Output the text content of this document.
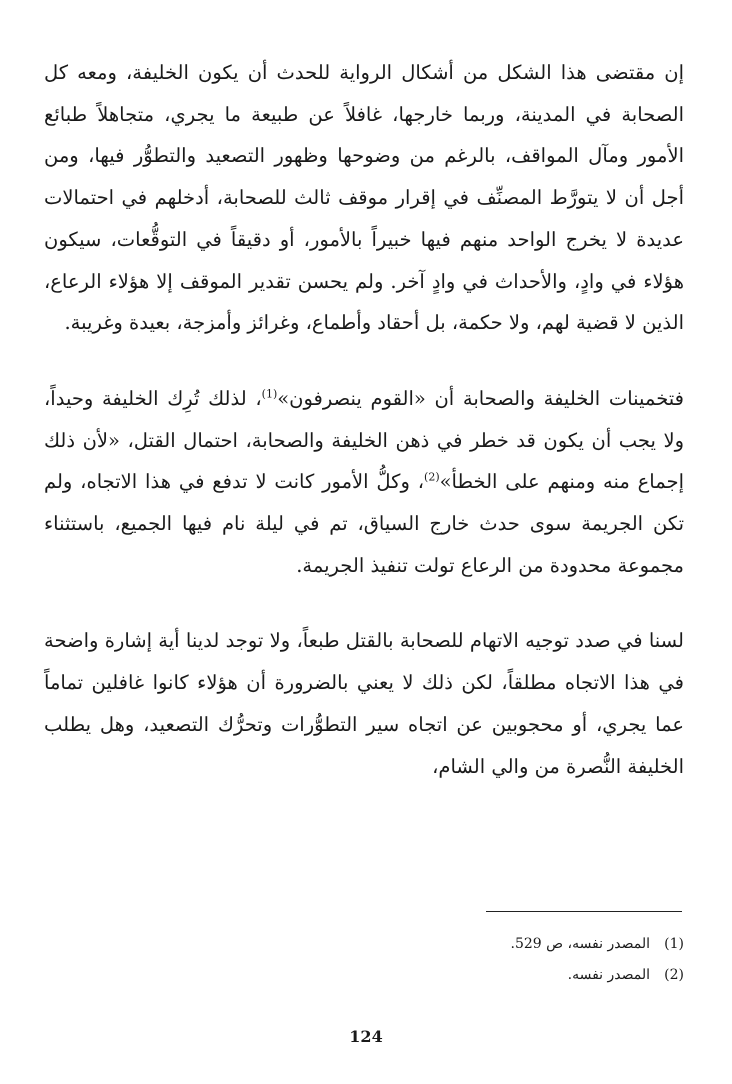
إن مقتضى هذا الشكل من أشكال الرواية للحدث أن يكون الخليفة، ومعه كل الصحابة في المدينة، وربما خارجها، غافلاً عن طبيعة ما يجري، متجاهلاً طبائع الأمور ومآل المواقف، بالرغم من وضوحها وظهور التصعيد والتطوُّر فيها، ومن أجل أن لا يتورَّط المصنِّف في إقرار موقف ثالث للصحابة، أدخلهم في احتمالات عديدة لا يخرج الواحد منهم فيها خبيراً بالأمور، أو دقيقاً في التوقُّعات، سيكون هؤلاء في وادٍ، والأحداث في وادٍ آخر. ولم يحسن تقدير الموقف إلا هؤلاء الرعاع، الذين لا قضية لهم، ولا حكمة، بل أحقاد وأطماع، وغرائز وأمزجة، بعيدة وغريبة.

فتخمينات الخليفة والصحابة أن «القوم ينصرفون»$^{(1)}$، لذلك تُرِك الخليفة وحيداً، ولا يجب أن يكون قد خطر في ذهن الخليفة والصحابة، احتمال القتل، «لأن ذلك إجماع منه ومنهم على الخطأ»$^{(2)}$، وكلُّ الأمور كانت لا تدفع في هذا الاتجاه، ولم تكن الجريمة سوى حدث خارج السياق، تم في ليلة نام فيها الجميع، باستثناء مجموعة محدودة من الرعاع تولت تنفيذ الجريمة.

لسنا في صدد توجيه الاتهام للصحابة بالقتل طبعاً، ولا توجد لدينا أية إشارة واضحة في هذا الاتجاه مطلقاً، لكن ذلك لا يعني بالضرورة أن هؤلاء كانوا غافلين تماماً عما يجري، أو محجوبين عن اتجاه سير التطوُّرات وتحرُّك التصعيد، وهل يطلب الخليفة النُّصرة من والي الشام،

(1)
المصدر نفسه، ص 529.
(2)
المصدر نفسه.
124
